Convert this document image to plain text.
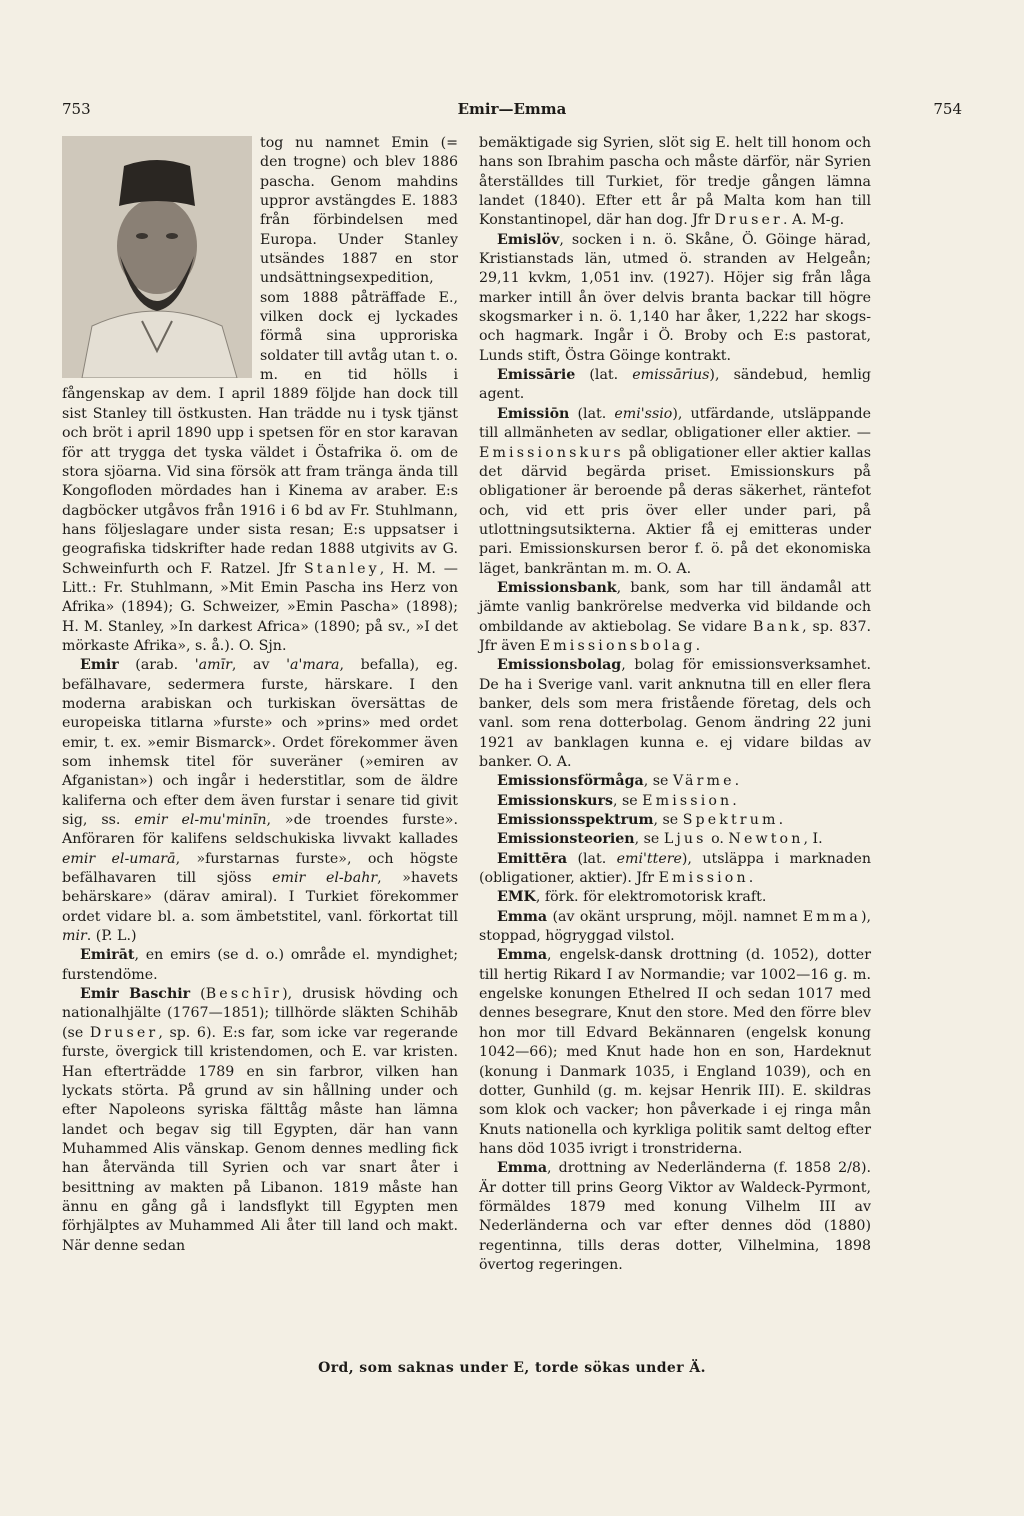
753	Emir—Emma	754

tog nu namnet Emin (= den trogne) och blev 1886 pascha. Genom mahdins uppror avstängdes E. 1883 från förbindelsen med Europa. Under Stanley utsändes 1887 en stor undsättningsexpedition, som 1888 påträffade E., vilken dock ej lyckades förmå sina upproriska soldater till avtåg utan t. o. m. en tid hölls i fångenskap av dem. I april 1889 följde han dock till sist Stanley till östkusten. Han trädde nu i tysk tjänst och bröt i april 1890 upp i spetsen för en stor karavan för att trygga det tyska väldet i Östafrika ö. om de stora sjöarna. Vid sina försök att fram tränga ända till Kongofloden mördades han i Kinema av araber. E:s dagböcker utgåvos från 1916 i 6 bd av Fr. Stuhlmann, hans följeslagare under sista resan; E:s uppsatser i geografiska tidskrifter hade redan 1888 utgivits av G. Schweinfurth och F. Ratzel. Jfr Stanley, H. M. — Litt.: Fr. Stuhlmann, »Mit Emin Pascha ins Herz von Afrika» (1894); G. Schweizer, »Emin Pascha» (1898); H. M. Stanley, »In darkest Africa» (1890; på sv., »I det mörkaste Afrika», s. å.). O. Sjn.

Emir (arab. 'amīr, av 'a'mara, befalla), eg. befälhavare, sedermera furste, härskare. I den moderna arabiskan och turkiskan översättas de europeiska titlarna »furste» och »prins» med ordet emir, t. ex. »emir Bismarck». Ordet förekommer även som inhemsk titel för suveräner (»emiren av Afganistan») och ingår i hederstitlar, som de äldre kaliferna och efter dem även furstar i senare tid givit sig, ss. emir el-mu'minīn, »de troendes furste». Anföraren för kalifens seldschukiska livvakt kallades emir el-umarā, »furstarnas furste», och högste befälhavaren till sjöss emir el-bahr, »havets behärskare» (därav amiral). I Turkiet förekommer ordet vidare bl. a. som ämbetstitel, vanl. förkortat till mir. (P. L.)

Emirāt, en emirs (se d. o.) område el. myndighet; furstendöme.

Emir Baschir (Beschīr), drusisk hövding och nationalhjälte (1767—1851); tillhörde släkten Schihāb (se Druser, sp. 6). E:s far, som icke var regerande furste, övergick till kristendomen, och E. var kristen. Han efterträdde 1789 en sin farbror, vilken han lyckats störta. På grund av sin hållning under och efter Napoleons syriska fälttåg måste han lämna landet och begav sig till Egypten, där han vann Muhammed Alis vänskap. Genom dennes medling fick han återvända till Syrien och var snart åter i besittning av makten på Libanon. 1819 måste han ännu en gång gå i landsflykt till Egypten men förhjälptes av Muhammed Ali åter till land och makt. När denne sedan

bemäktigade sig Syrien, slöt sig E. helt till honom och hans son Ibrahim pascha och måste därför, när Syrien återställdes till Turkiet, för tredje gången lämna landet (1840). Efter ett år på Malta kom han till Konstantinopel, där han dog. Jfr Druser. A. M-g.

Emislöv, socken i n. ö. Skåne, Ö. Göinge härad, Kristianstads län, utmed ö. stranden av Helgeån; 29,11 kvkm, 1,051 inv. (1927). Höjer sig från låga marker intill ån över delvis branta backar till högre skogsmarker i n. ö. 1,140 har åker, 1,222 har skogs- och hagmark. Ingår i Ö. Broby och E:s pastorat, Lunds stift, Östra Göinge kontrakt.

Emissārie (lat. emissārius), sändebud, hemlig agent.

Emissiōn (lat. emi'ssio), utfärdande, utsläppande till allmänheten av sedlar, obligationer eller aktier. — Emissionskurs på obligationer eller aktier kallas det därvid begärda priset. Emissionskurs på obligationer är beroende på deras säkerhet, räntefot och, vid ett pris över eller under pari, på utlottningsutsikterna. Aktier få ej emitteras under pari. Emissionskursen beror f. ö. på det ekonomiska läget, bankräntan m. m. O. A.

Emissionsbank, bank, som har till ändamål att jämte vanlig bankrörelse medverka vid bildande och ombildande av aktiebolag. Se vidare Bank, sp. 837. Jfr även Emissionsbolag.

Emissionsbolag, bolag för emissionsverksamhet. De ha i Sverige vanl. varit anknutna till en eller flera banker, dels som mera fristående företag, dels och vanl. som rena dotterbolag. Genom ändring 22 juni 1921 av banklagen kunna e. ej vidare bildas av banker. O. A.

Emissionsförmåga, se Värme.

Emissionskurs, se Emission.

Emissionsspektrum, se Spektrum.

Emissionsteorien, se Ljus o. Newton, I.

Emittēra (lat. emi'ttere), utsläppa i marknaden (obligationer, aktier). Jfr Emission.

EMK, förk. för elektromotorisk kraft.

Emma (av okänt ursprung, möjl. namnet Emma), stoppad, högryggad vilstol.

Emma, engelsk-dansk drottning (d. 1052), dotter till hertig Rikard I av Normandie; var 1002—16 g. m. engelske konungen Ethelred II och sedan 1017 med dennes besegrare, Knut den store. Med den förre blev hon mor till Edvard Bekännaren (engelsk konung 1042—66); med Knut hade hon en son, Hardeknut (konung i Danmark 1035, i England 1039), och en dotter, Gunhild (g. m. kejsar Henrik III). E. skildras som klok och vacker; hon påverkade i ej ringa mån Knuts nationella och kyrkliga politik samt deltog efter hans död 1035 ivrigt i tronstriderna.

Emma, drottning av Nederländerna (f. 1858 2/8). Är dotter till prins Georg Viktor av Waldeck-Pyrmont, förmäldes 1879 med konung Vilhelm III av Nederländerna och var efter dennes död (1880) regentinna, tills deras dotter, Vilhelmina, 1898 övertog regeringen.

Ord, som saknas under E, torde sökas under Ä.
